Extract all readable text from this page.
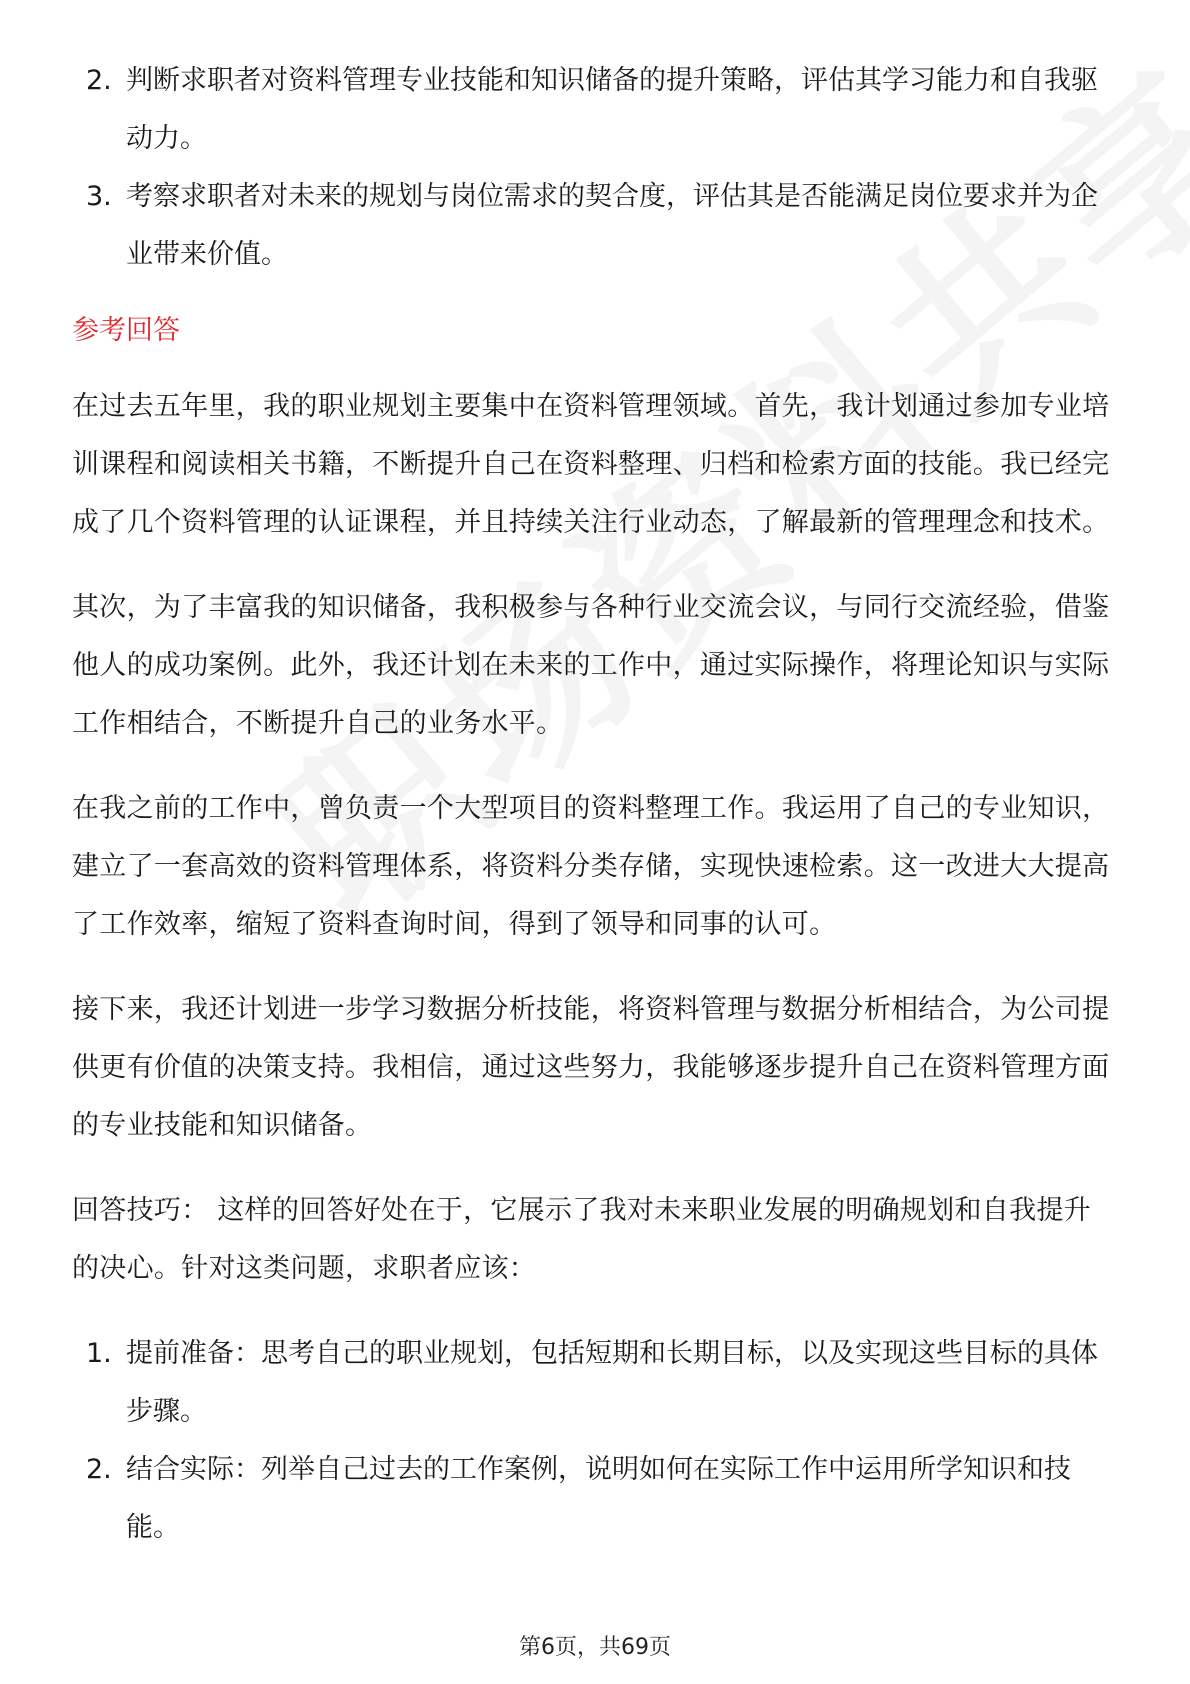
2. 判断求职者对资料管理专业技能和知识储备的提升策略，评估其学习能力和自我驱动力。
3. 考察求职者对未来的规划与岗位需求的契合度，评估其是否能满足岗位要求并为企业带来价值。
参考回答

在过去五年里，我的职业规划主要集中在资料管理领域。首先，我计划通过参加专业培训课程和阅读相关书籍，不断提升自己在资料整理、归档和检索方面的技能。我已经完成了几个资料管理的认证课程，并且持续关注行业动态，了解最新的管理理念和技术。

其次，为了丰富我的知识储备，我积极参与各种行业交流会议，与同行交流经验，借鉴他人的成功案例。此外，我还计划在未来的工作中，通过实际操作，将理论知识与实际工作相结合，不断提升自己的业务水平。

在我之前的工作中，曾负责一个大型项目的资料整理工作。我运用了自己的专业知识，建立了一套高效的资料管理体系，将资料分类存储，实现快速检索。这一改进大大提高了工作效率，缩短了资料查询时间，得到了领导和同事的认可。

接下来，我还计划进一步学习数据分析技能，将资料管理与数据分析相结合，为公司提供更有价值的决策支持。我相信，通过这些努力，我能够逐步提升自己在资料管理方面的专业技能和知识储备。

回答技巧： 这样的回答好处在于，它展示了我对未来职业发展的明确规划和自我提升的决心。针对这类问题，求职者应该：

1. 提前准备：思考自己的职业规划，包括短期和长期目标，以及实现这些目标的具体步骤。
2. 结合实际：列举自己过去的工作案例，说明如何在实际工作中运用所学知识和技能。
第6页，共69页
